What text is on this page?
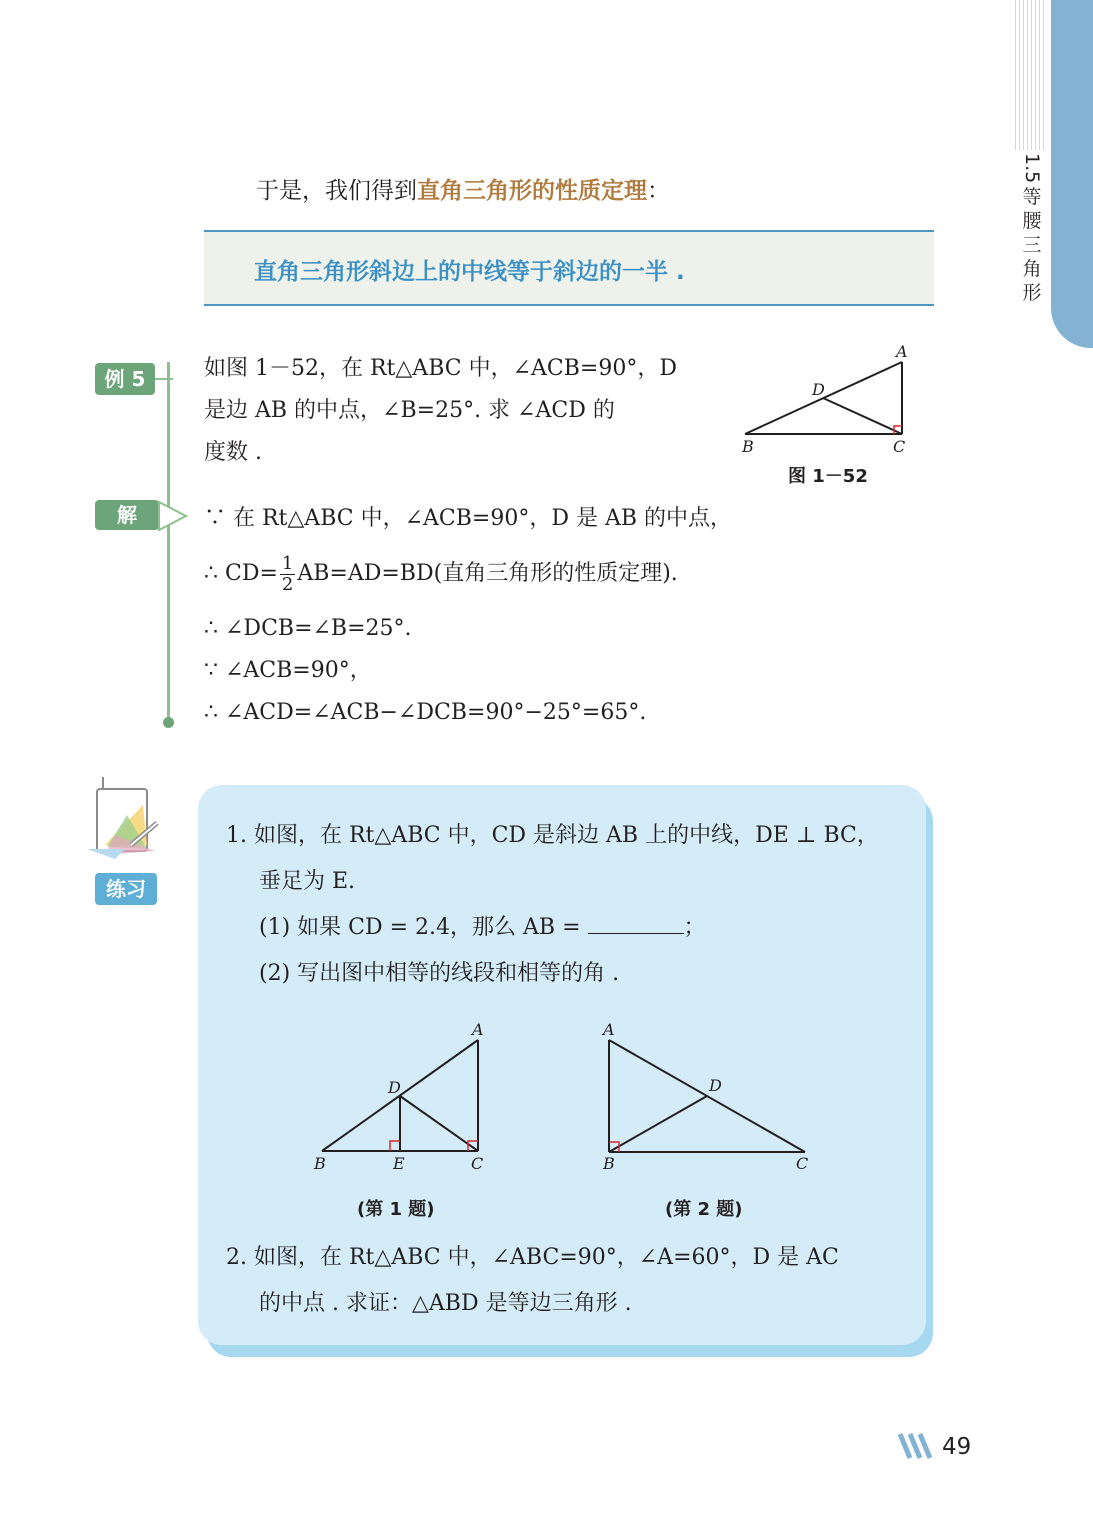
1.5
等
腰
三
角
形
于是，我们得到直角三角形的性质定理：
直角三角形斜边上的中线等于斜边的一半 .
例 5	如图 1－52，在 Rt△ABC 中，∠ACB=90°，D
是边 AB 的中点，∠B=25°. 求 ∠ACD 的
度数 .
A
B	C
D
图 1－52
解	∵ 在 Rt△ABC 中，∠ACB=90°，D 是 AB 的中点，
∴ $CD= \frac{1}{2} AB=AD=BD$(直角三角形的性质定理).
∴ ∠DCB=∠B=25°.
∵ ∠ACB=90°，
∴ ∠ACD=∠ACB−∠DCB=90°−25°=65°.
练习
1. 如图，在 Rt△ABC 中，CD 是斜边 AB 上的中线，DE ⊥ BC，
垂足为 E.
(1) 如果 CD = 2.4，那么 AB =	；
(2) 写出图中相等的线段和相等的角 .
A
B	C
D
E
(第 1 题)
A
B	C
D
(第 2 题)
2. 如图，在 Rt△ABC 中，∠ABC=90°，∠A=60°，D 是 AC
的中点 . 求证：△ABD 是等边三角形 .
49
